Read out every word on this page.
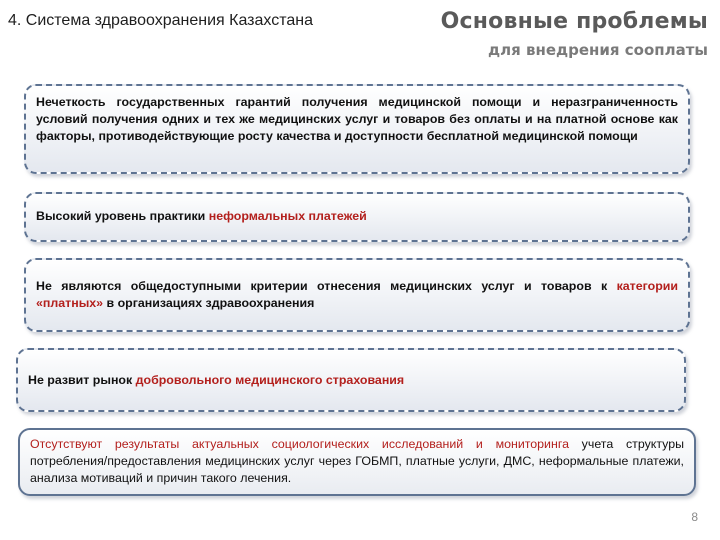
4. Система здравоохранения Казахстана	Основные проблемы
для внедрения сооплаты
Нечеткость государственных гарантий получения медицинской помощи и неразграниченность условий получения одних и тех же медицинских услуг и товаров без оплаты и на платной основе как факторы, противодействующие росту качества и доступности бесплатной медицинской помощи
Высокий уровень практики неформальных платежей
Не являются общедоступными критерии отнесения медицинских услуг и товаров к категории «платных» в организациях здравоохранения
Не развит рынок добровольного медицинского страхования
Отсутствуют результаты актуальных социологических исследований и мониторинга учета структуры потребления/предоставления медицинских услуг через ГОБМП, платные услуги, ДМС, неформальные платежи, анализа мотиваций и причин такого лечения.
8
